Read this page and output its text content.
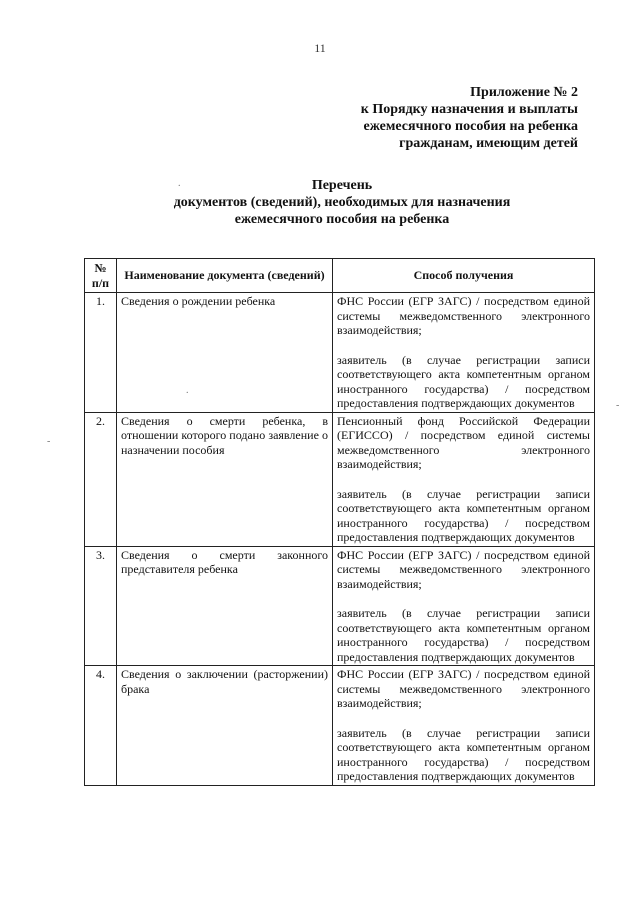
11
Приложение № 2
к Порядку назначения и выплаты
ежемесячного пособия на ребенка
гражданам, имеющим детей
Перечень
документов (сведений), необходимых для назначения
ежемесячного пособия на ребенка
.
.
-
-
№ п/п	Наименование документа (сведений)	Способ получения
1.	Сведения о рождении ребенка	ФНС России (ЕГР ЗАГС) / посредством единой системы межведомственного электронного взаимодействия;
заявитель (в случае регистрации записи соответствующего акта компетентным органом иностранного государства) / посредством предоставления подтверждающих документов

2.	Сведения о смерти ребенка, в отношении которого подано заявление о назначении пособия	Пенсионный фонд Российской Федерации (ЕГИССО) / посредством единой системы межведомственного электронного взаимодействия;
заявитель (в случае регистрации записи соответствующего акта компетентным органом иностранного государства) / посредством предоставления подтверждающих документов

3.	Сведения о смерти законного представителя ребенка	ФНС России (ЕГР ЗАГС) / посредством единой системы межведомственного электронного взаимодействия;
заявитель (в случае регистрации записи соответствующего акта компетентным органом иностранного государства) / посредством предоставления подтверждающих документов

4.	Сведения о заключении (расторжении) брака	ФНС России (ЕГР ЗАГС) / посредством единой системы межведомственного электронного взаимодействия;
заявитель (в случае регистрации записи соответствующего акта компетентным органом иностранного государства) / посредством предоставления подтверждающих документов
